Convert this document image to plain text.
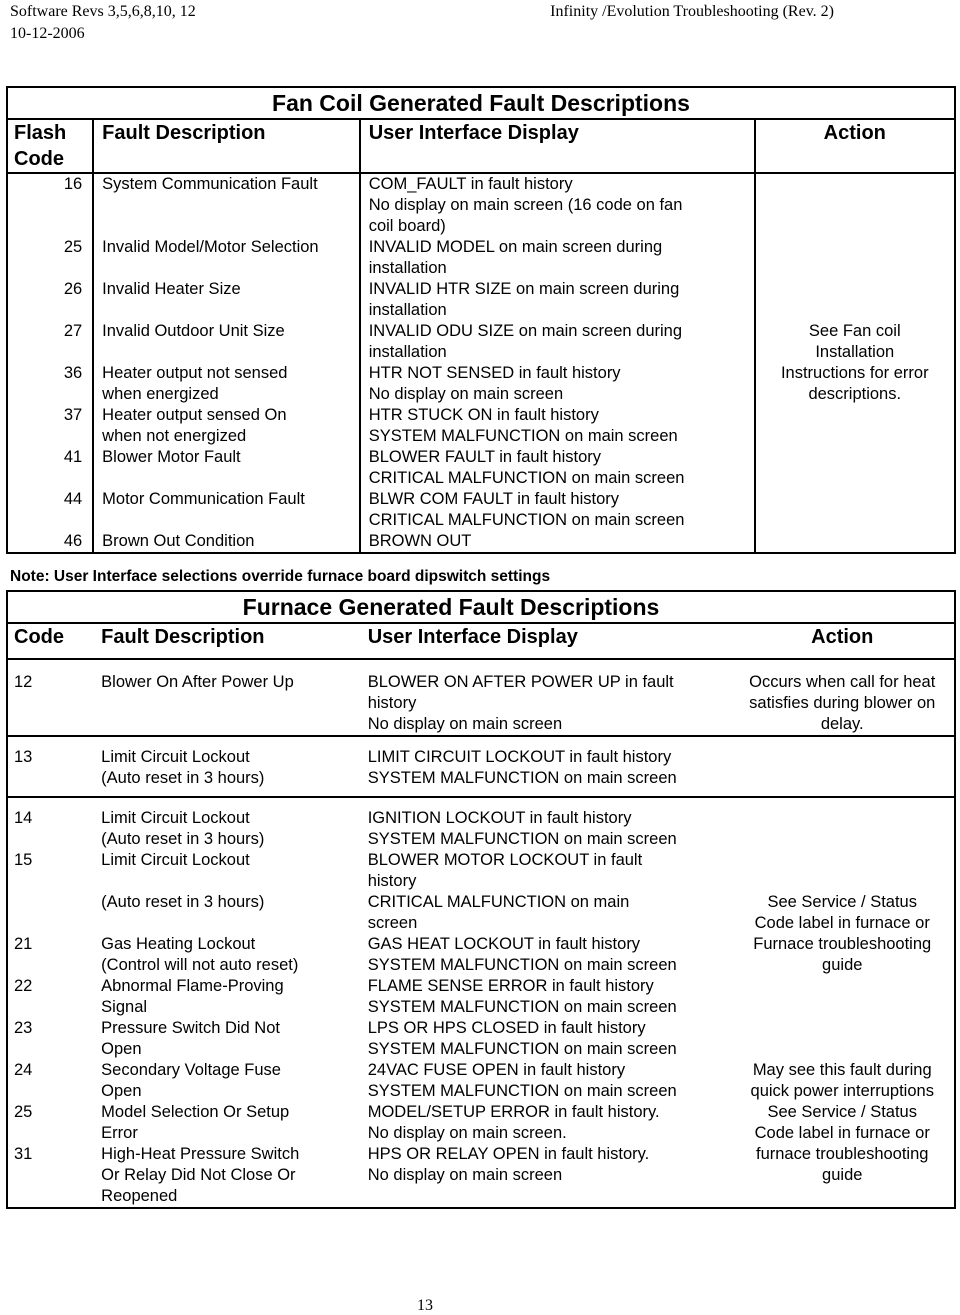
Software Revs 3,5,6,8,10, 12
10-12-2006
Infinity /Evolution Troubleshooting (Rev. 2)
Fan Coil Generated Fault Descriptions			

Flash
Code	Fault Description	User Interface Display	Action
16	System Communication Fault	COM_FAULT in fault history
No display on main screen (16 code on fan
coil board)	See Fan coil
Installation
Instructions for error
descriptions.

25	Invalid Model/Motor Selection	INVALID MODEL on main screen during
installation	

26	Invalid Heater Size	INVALID HTR SIZE on main screen during
installation	

27	Invalid Outdoor Unit Size	INVALID ODU SIZE on main screen during
installation	

36	Heater output not sensed
when energized	HTR NOT SENSED in fault history
No display on main screen	

37	Heater output sensed On
when not energized	HTR STUCK ON in fault history
SYSTEM MALFUNCTION on main screen	

41	Blower Motor Fault	BLOWER FAULT in fault history
CRITICAL MALFUNCTION on main screen	

44	Motor Communication Fault	BLWR COM FAULT in fault history
CRITICAL MALFUNCTION on main screen	

46	Brown Out Condition	BROWN OUT	
Note: User Interface selections override furnace board dipswitch settings
Furnace Generated Fault Descriptions			
Code	Fault Description	User Interface Display	Action
12	Blower On After Power Up	BLOWER ON AFTER POWER UP in fault
history
No display on main screen	Occurs when call for heat
satisfies during blower on
delay.

13	Limit Circuit Lockout
(Auto reset in 3 hours)	LIMIT CIRCUIT LOCKOUT in fault history
SYSTEM MALFUNCTION on main screen	

14	Limit Circuit Lockout
(Auto reset in 3 hours)	IGNITION LOCKOUT in fault history
SYSTEM MALFUNCTION on main screen	See Service / Status
Code label in furnace or
Furnace troubleshooting
guide

15	Limit Circuit Lockout

(Auto reset in 3 hours)	BLOWER MOTOR LOCKOUT in fault
history
CRITICAL MALFUNCTION on main
screen	

21	Gas Heating Lockout
(Control will not auto reset)	GAS HEAT LOCKOUT in fault history
SYSTEM MALFUNCTION on main screen	

22	Abnormal Flame-Proving
Signal	FLAME SENSE ERROR in fault history
SYSTEM MALFUNCTION on main screen	

23	Pressure Switch Did Not
Open	LPS OR HPS CLOSED in fault history
SYSTEM MALFUNCTION on main screen	

24	Secondary Voltage Fuse
Open	24VAC FUSE OPEN in fault history
SYSTEM MALFUNCTION on main screen	May see this fault during
quick power interruptions

25	Model Selection Or Setup
Error	MODEL/SETUP ERROR in fault history.
No display on main screen.	See Service / Status
Code label in furnace or
furnace troubleshooting
guide

31	High-Heat Pressure Switch
Or Relay Did Not Close Or
Reopened	HPS OR RELAY OPEN in fault history.
No display on main screen	
13
